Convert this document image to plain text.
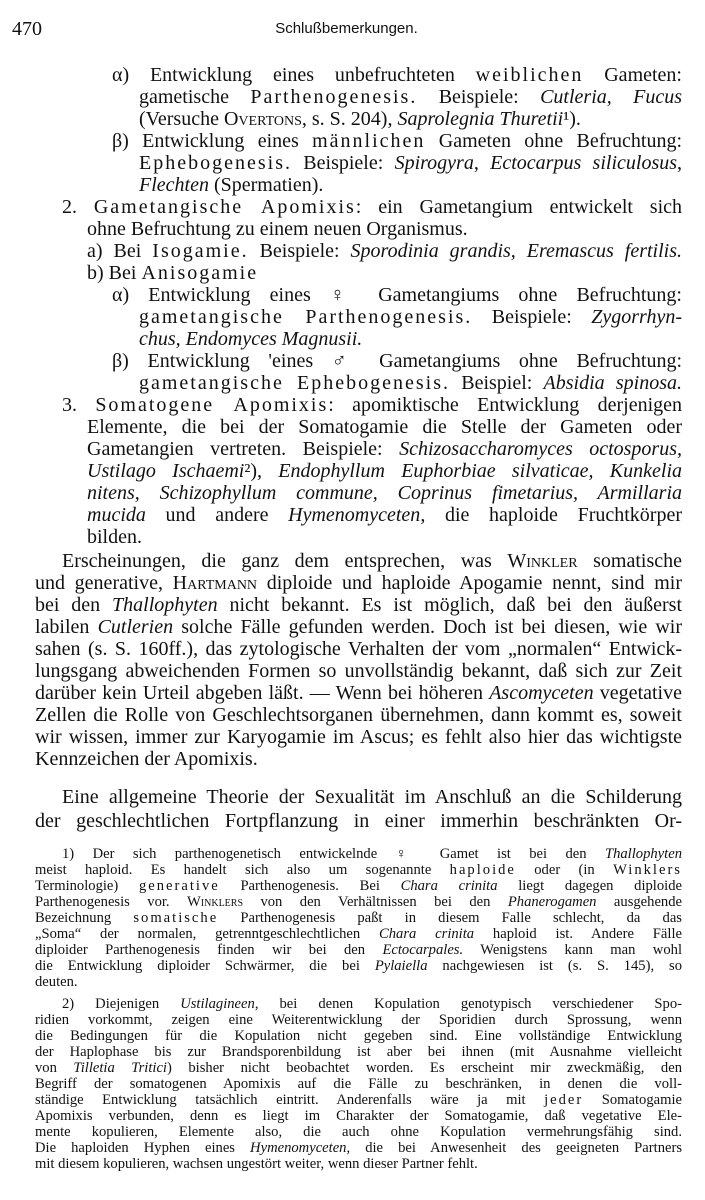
470	Schlußbemerkungen.
α) Entwicklung eines unbefruchteten weiblichen Gameten:
gametische Parthenogenesis. Beispiele: Cutleria, Fucus
(Versuche Overtons, s. S. 204), Saprolegnia Thuretii¹).
β) Entwicklung eines männlichen Gameten ohne Befruchtung:
Ephebogenesis. Beispiele: Spirogyra, Ectocarpus siliculosus,
Flechten (Spermatien).
2. Gametangische Apomixis: ein Gametangium entwickelt sich
ohne Befruchtung zu einem neuen Organismus.
a) Bei Isogamie. Beispiele: Sporodinia grandis, Eremascus fertilis.
b) Bei Anisogamie
α) Entwicklung eines ♀ Gametangiums ohne Befruchtung:
gametangische Parthenogenesis. Beispiele: Zygorrhyn-
chus, Endomyces Magnusii.
β) Entwicklung 'eines ♂ Gametangiums ohne Befruchtung:
gametangische Ephebogenesis. Beispiel: Absidia spinosa.
3. Somatogene Apomixis: apomiktische Entwicklung derjenigen
Elemente, die bei der Somatogamie die Stelle der Gameten oder
Gametangien vertreten. Beispiele: Schizosaccharomyces octosporus,
Ustilago Ischaemi²), Endophyllum Euphorbiae silvaticae, Kunkelia
nitens, Schizophyllum commune, Coprinus fimetarius, Armillaria
mucida und andere Hymenomyceten, die haploide Fruchtkörper
bilden.
Erscheinungen, die ganz dem entsprechen, was Winkler somatische
und generative, Hartmann diploide und haploide Apogamie nennt, sind mir
bei den Thallophyten nicht bekannt. Es ist möglich, daß bei den äußerst
labilen Cutlerien solche Fälle gefunden werden. Doch ist bei diesen, wie wir
sahen (s. S. 160ff.), das zytologische Verhalten der vom „normalen“ Entwick-
lungsgang abweichenden Formen so unvollständig bekannt, daß sich zur Zeit
darüber kein Urteil abgeben läßt. — Wenn bei höheren Ascomyceten vegetative
Zellen die Rolle von Geschlechtsorganen übernehmen, dann kommt es, soweit
wir wissen, immer zur Karyogamie im Ascus; es fehlt also hier das wichtigste
Kennzeichen der Apomixis.
Eine allgemeine Theorie der Sexualität im Anschluß an die Schilderung
der geschlechtlichen Fortpflanzung in einer immerhin beschränkten Or-
1) Der sich parthenogenetisch entwickelnde ♀ Gamet ist bei den Thallophyten
meist haploid. Es handelt sich also um sogenannte haploide oder (in Winklers
Terminologie) generative Parthenogenesis. Bei Chara crinita liegt dagegen diploide
Parthenogenesis vor. Winklers von den Verhältnissen bei den Phanerogamen ausgehende
Bezeichnung somatische Parthenogenesis paßt in diesem Falle schlecht, da das
„Soma“ der normalen, getrenntgeschlechtlichen Chara crinita haploid ist. Andere Fälle
diploider Parthenogenesis finden wir bei den Ectocarpales. Wenigstens kann man wohl
die Entwicklung diploider Schwärmer, die bei Pylaiella nachgewiesen ist (s. S. 145), so
deuten.
2) Diejenigen Ustilagineen, bei denen Kopulation genotypisch verschiedener Spo-
ridien vorkommt, zeigen eine Weiterentwicklung der Sporidien durch Sprossung, wenn
die Bedingungen für die Kopulation nicht gegeben sind. Eine vollständige Entwicklung
der Haplophase bis zur Brandsporenbildung ist aber bei ihnen (mit Ausnahme vielleicht
von Tilletia Tritici) bisher nicht beobachtet worden. Es erscheint mir zweckmäßig, den
Begriff der somatogenen Apomixis auf die Fälle zu beschränken, in denen die voll-
ständige Entwicklung tatsächlich eintritt. Anderenfalls wäre ja mit jeder Somatogamie
Apomixis verbunden, denn es liegt im Charakter der Somatogamie, daß vegetative Ele-
mente kopulieren, Elemente also, die auch ohne Kopulation vermehrungsfähig sind.
Die haploiden Hyphen eines Hymenomyceten, die bei Anwesenheit des geeigneten Partners
mit diesem kopulieren, wachsen ungestört weiter, wenn dieser Partner fehlt.
